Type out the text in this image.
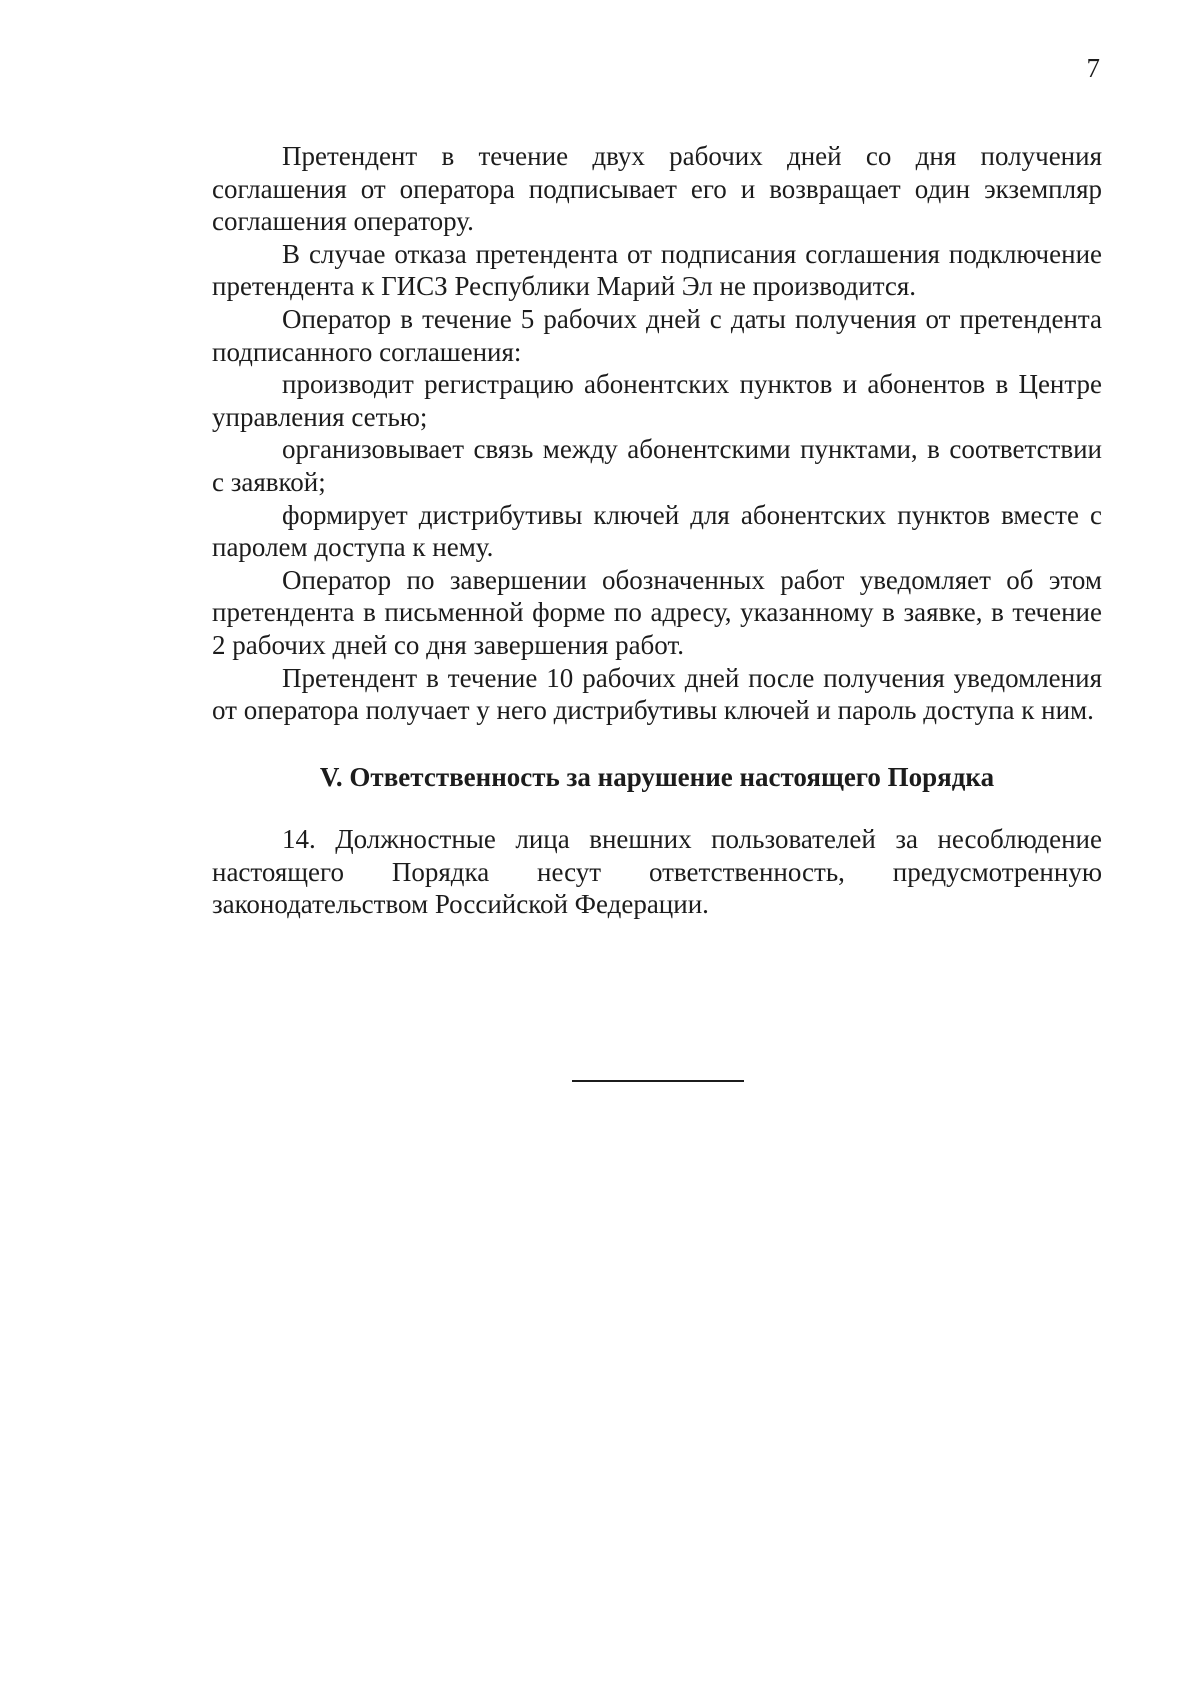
7

Претендент в течение двух рабочих дней со дня получения соглашения от оператора подписывает его и возвращает один экземпляр соглашения оператору.

В случае отказа претендента от подписания соглашения подключение претендента к ГИСЗ Республики Марий Эл не производится.

Оператор в течение 5 рабочих дней с даты получения от претендента подписанного соглашения:

производит регистрацию абонентских пунктов и абонентов в Центре управления сетью;

организовывает связь между абонентскими пунктами, в соответствии с заявкой;

формирует дистрибутивы ключей для абонентских пунктов вместе с паролем доступа к нему.

Оператор по завершении обозначенных работ уведомляет об этом претендента в письменной форме по адресу, указанному в заявке, в течение 2 рабочих дней со дня завершения работ.

Претендент в течение 10 рабочих дней после получения уведомления от оператора получает у него дистрибутивы ключей и пароль доступа к ним.

V. Ответственность за нарушение настоящего Порядка

14. Должностные лица внешних пользователей за несоблюдение настоящего Порядка несут ответственность, предусмотренную законодательством Российской Федерации.
